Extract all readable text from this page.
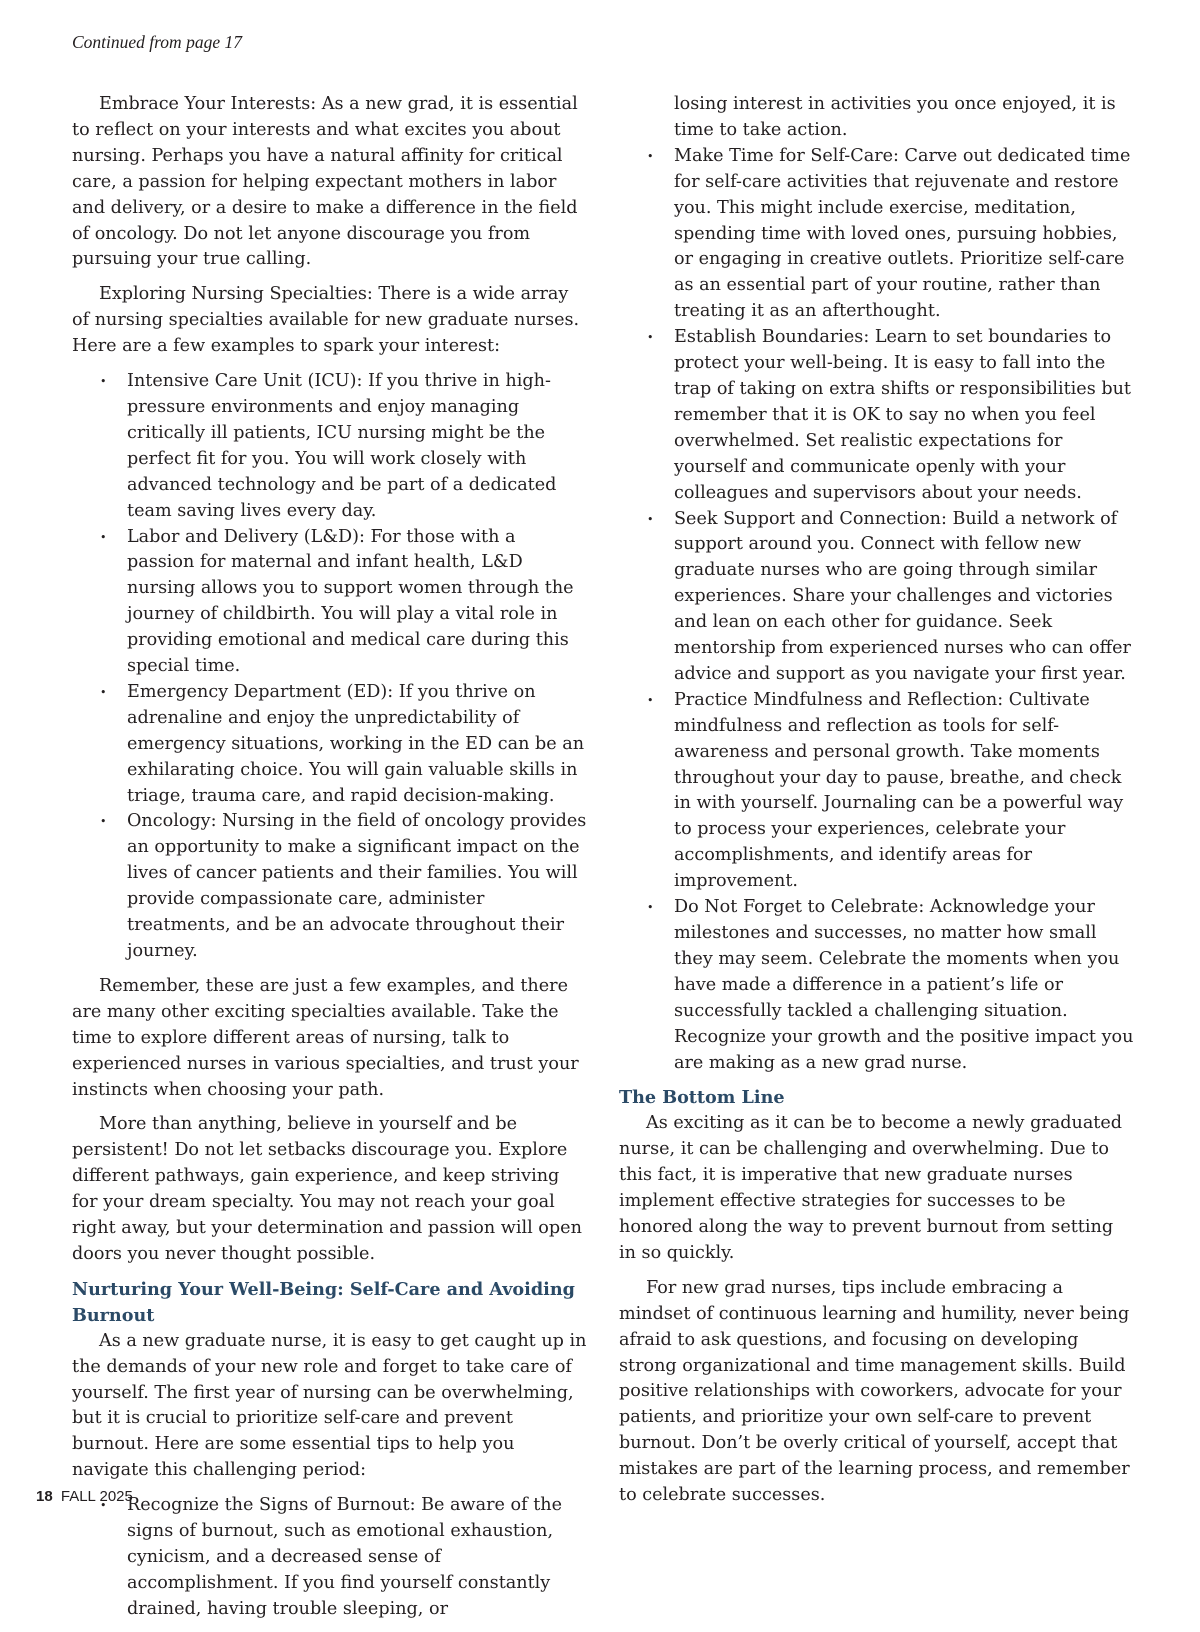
Continued from page 17

Embrace Your Interests: As a new grad, it is essential to reflect on your interests and what excites you about nursing. Perhaps you have a natural affinity for critical care, a passion for helping expectant mothers in labor and delivery, or a desire to make a difference in the field of oncology. Do not let anyone discourage you from pursuing your true calling.

Exploring Nursing Specialties: There is a wide array of nursing specialties available for new graduate nurses. Here are a few examples to spark your interest:

• Intensive Care Unit (ICU): If you thrive in high-pressure environments and enjoy managing critically ill patients, ICU nursing might be the perfect fit for you. You will work closely with advanced technology and be part of a dedicated team saving lives every day.
• Labor and Delivery (L&D): For those with a passion for maternal and infant health, L&D nursing allows you to support women through the journey of childbirth. You will play a vital role in providing emotional and medical care during this special time.
• Emergency Department (ED): If you thrive on adrenaline and enjoy the unpredictability of emergency situations, working in the ED can be an exhilarating choice. You will gain valuable skills in triage, trauma care, and rapid decision-making.
• Oncology: Nursing in the field of oncology provides an opportunity to make a significant impact on the lives of cancer patients and their families. You will provide compassionate care, administer treatments, and be an advocate throughout their journey.

Remember, these are just a few examples, and there are many other exciting specialties available. Take the time to explore different areas of nursing, talk to experienced nurses in various specialties, and trust your instincts when choosing your path.

More than anything, believe in yourself and be persistent! Do not let setbacks discourage you. Explore different pathways, gain experience, and keep striving for your dream specialty. You may not reach your goal right away, but your determination and passion will open doors you never thought possible.

Nurturing Your Well-Being: Self-Care and Avoiding Burnout

As a new graduate nurse, it is easy to get caught up in the demands of your new role and forget to take care of yourself. The first year of nursing can be overwhelming, but it is crucial to prioritize self-care and prevent burnout. Here are some essential tips to help you navigate this challenging period:

• Recognize the Signs of Burnout: Be aware of the signs of burnout, such as emotional exhaustion, cynicism, and a decreased sense of accomplishment. If you find yourself constantly drained, having trouble sleeping, or
losing interest in activities you once enjoyed, it is time to take action.
• Make Time for Self-Care: Carve out dedicated time for self-care activities that rejuvenate and restore you. This might include exercise, meditation, spending time with loved ones, pursuing hobbies, or engaging in creative outlets. Prioritize self-care as an essential part of your routine, rather than treating it as an afterthought.
• Establish Boundaries: Learn to set boundaries to protect your well-being. It is easy to fall into the trap of taking on extra shifts or responsibilities but remember that it is OK to say no when you feel overwhelmed. Set realistic expectations for yourself and communicate openly with your colleagues and supervisors about your needs.
• Seek Support and Connection: Build a network of support around you. Connect with fellow new graduate nurses who are going through similar experiences. Share your challenges and victories and lean on each other for guidance. Seek mentorship from experienced nurses who can offer advice and support as you navigate your first year.
• Practice Mindfulness and Reflection: Cultivate mindfulness and reflection as tools for self-awareness and personal growth. Take moments throughout your day to pause, breathe, and check in with yourself. Journaling can be a powerful way to process your experiences, celebrate your accomplishments, and identify areas for improvement.
• Do Not Forget to Celebrate: Acknowledge your milestones and successes, no matter how small they may seem. Celebrate the moments when you have made a difference in a patient’s life or successfully tackled a challenging situation. Recognize your growth and the positive impact you are making as a new grad nurse.
The Bottom Line

As exciting as it can be to become a newly graduated nurse, it can be challenging and overwhelming. Due to this fact, it is imperative that new graduate nurses implement effective strategies for successes to be honored along the way to prevent burnout from setting in so quickly.

For new grad nurses, tips include embracing a mindset of continuous learning and humility, never being afraid to ask questions, and focusing on developing strong organizational and time management skills. Build positive relationships with coworkers, advocate for your patients, and prioritize your own self-care to prevent burnout. Don’t be overly critical of yourself, accept that mistakes are part of the learning process, and remember to celebrate successes.

18 FALL 2025
